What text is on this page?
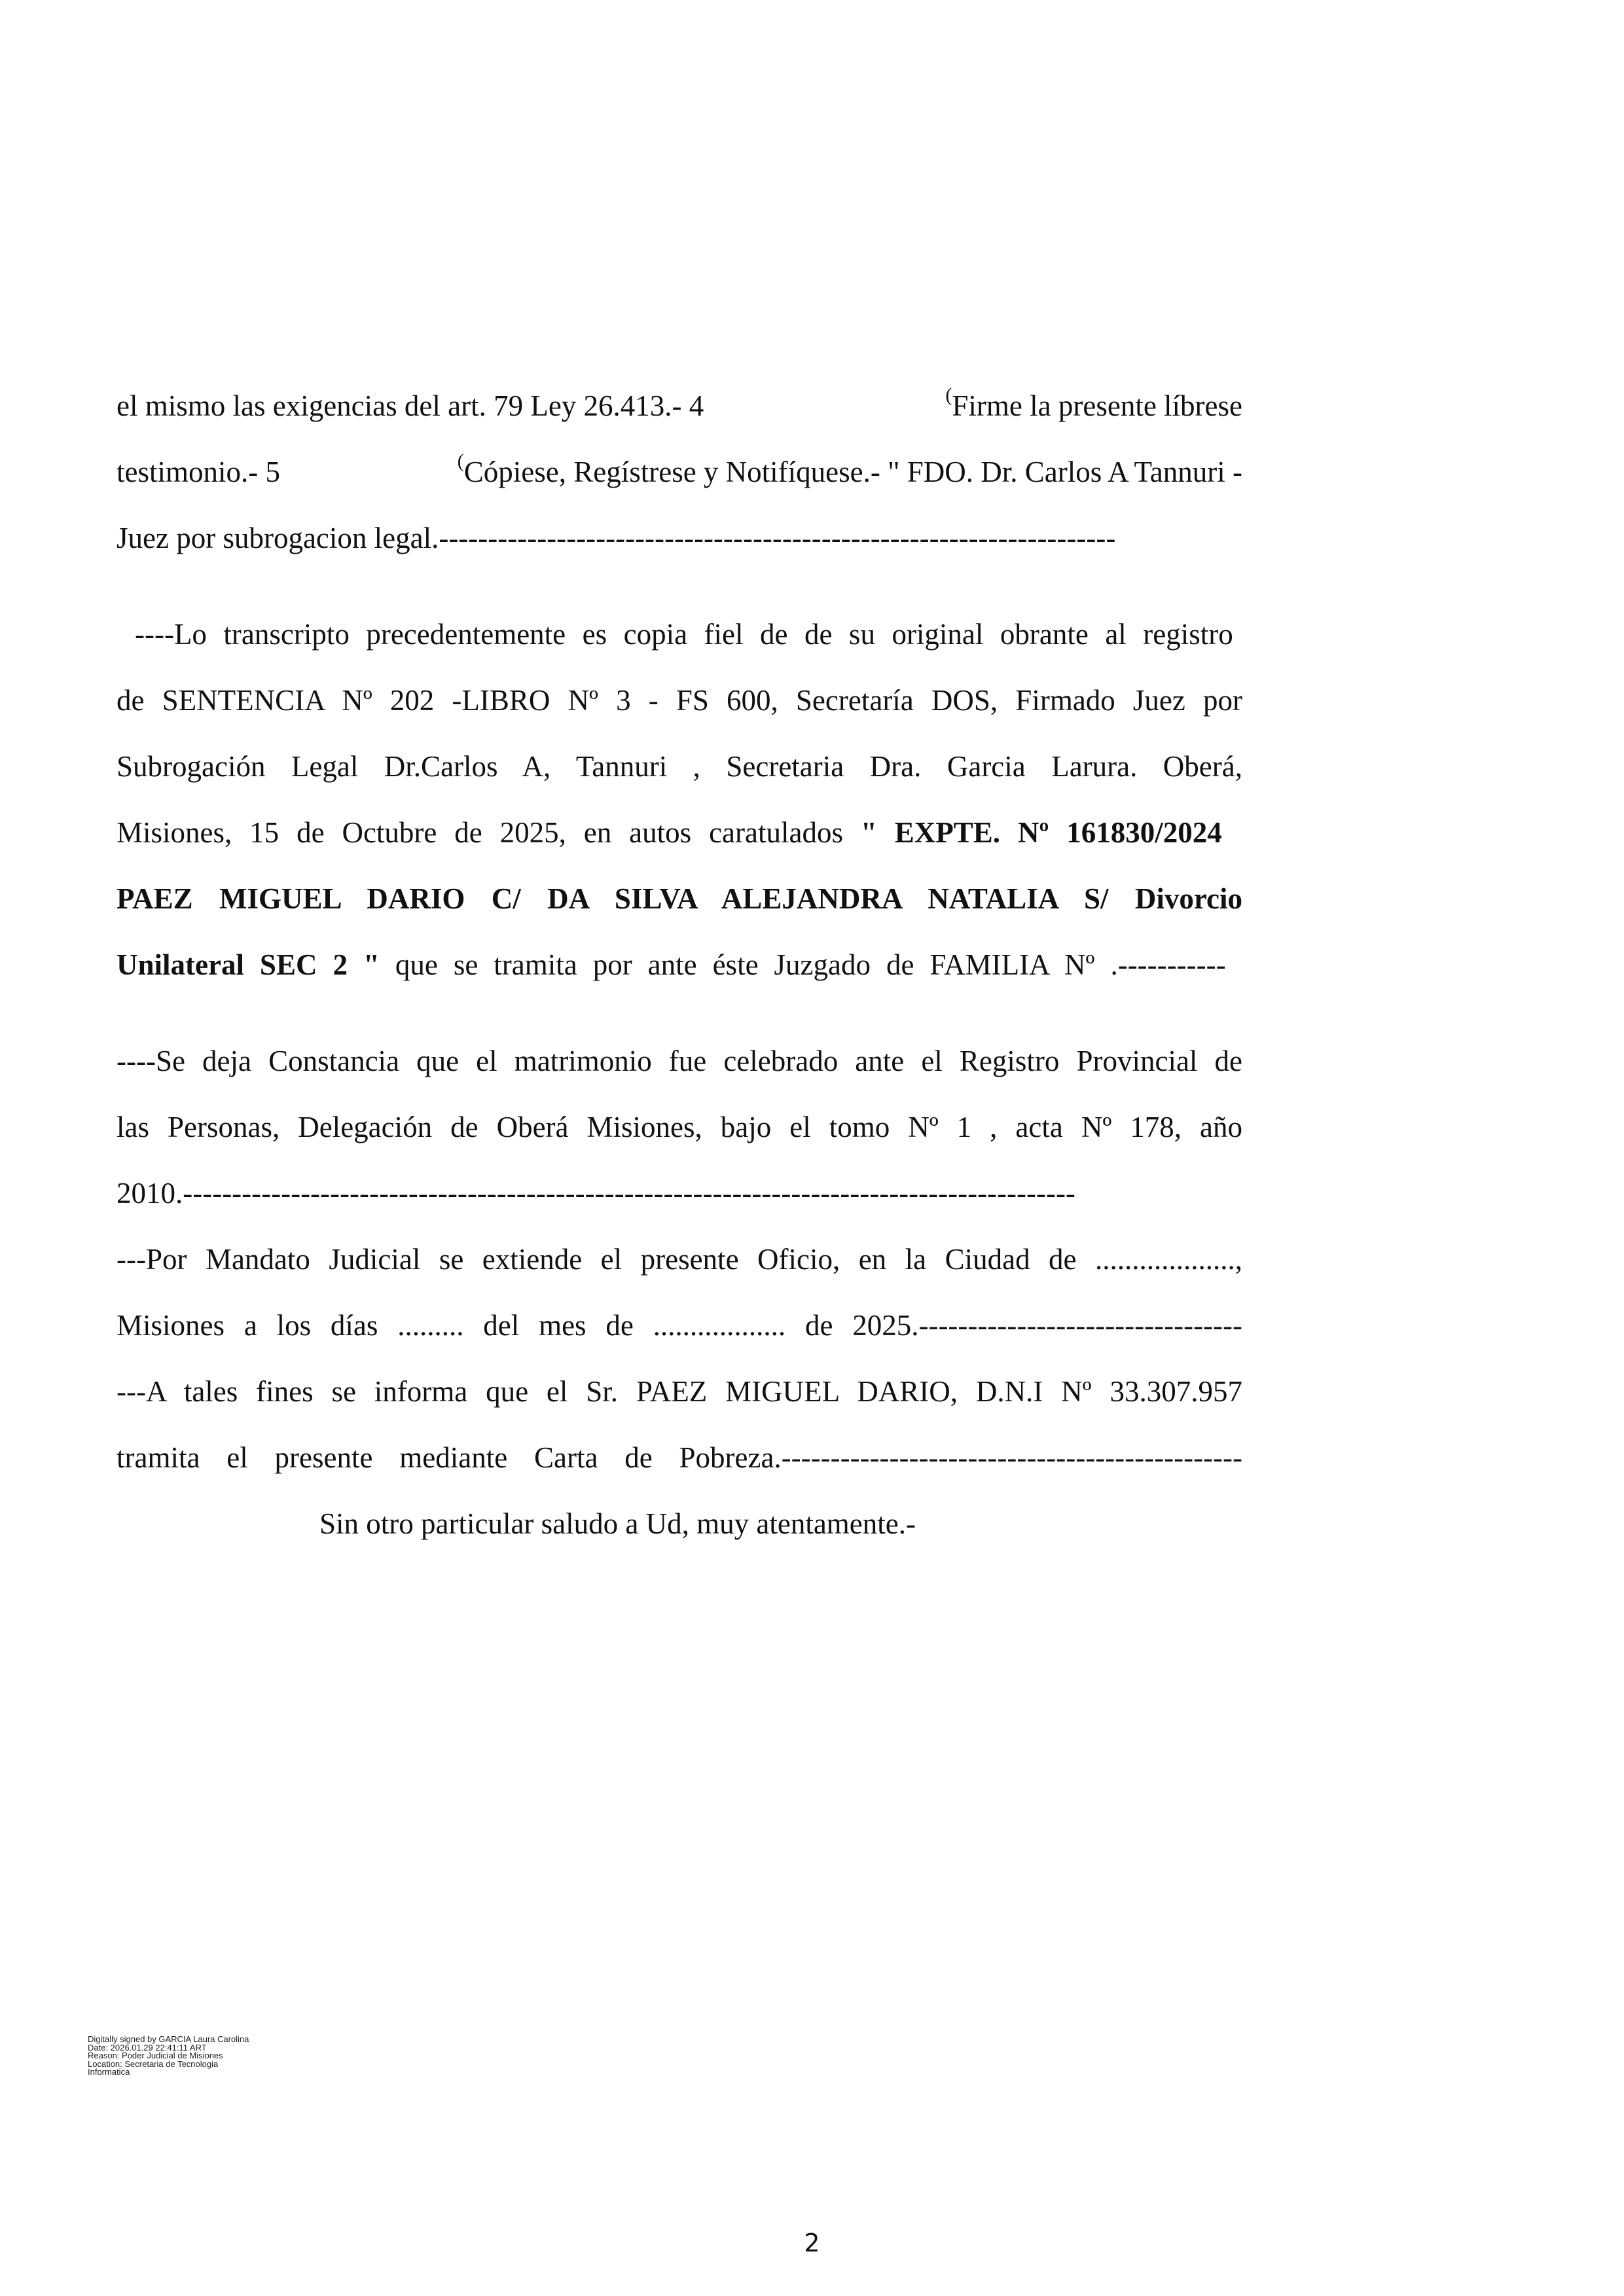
el mismo las exigencias del art. 79 Ley 26.413.- 4	(Firme la presente líbrese
testimonio.- 5	(Cópiese, Regístrese y Notifíquese.- " FDO. Dr. Carlos A Tannuri -
Juez por subrogacion legal.---------------------------------------------------------------------
----Lo transcripto precedentemente es copia fiel de de su original obrante al registro
de SENTENCIA Nº 202 -LIBRO Nº 3 - FS 600, Secretaría DOS, Firmado Juez por
Subrogación Legal Dr.Carlos A, Tannuri , Secretaria Dra. Garcia Larura. Oberá,
Misiones, 15 de Octubre de 2025, en autos caratulados " EXPTE. Nº 161830/2024
PAEZ MIGUEL DARIO C/ DA SILVA ALEJANDRA NATALIA S/ Divorcio
Unilateral SEC 2 " que se tramita por ante éste Juzgado de FAMILIA Nº .-----------
----Se deja Constancia que el matrimonio fue celebrado ante el Registro Provincial de
las Personas, Delegación de Oberá Misiones, bajo el tomo Nº 1 , acta Nº 178, año
2010.-------------------------------------------------------------------------------------------
---Por Mandato Judicial se extiende el presente Oficio, en la Ciudad de ...................,
Misiones a los días ......... del mes de .................. de 2025.---------------------------------
---A tales fines se informa que el Sr. PAEZ MIGUEL DARIO, D.N.I Nº 33.307.957
tramita el presente mediante Carta de Pobreza.-----------------------------------------------
Sin otro particular saludo a Ud, muy atentamente.-
Digitally signed by GARCIA Laura Carolina
Date: 2026.01.29 22:41:11 ART
Reason: Poder Judicial de Misiones
Location: Secretaria de Tecnologia
Informatica
2
